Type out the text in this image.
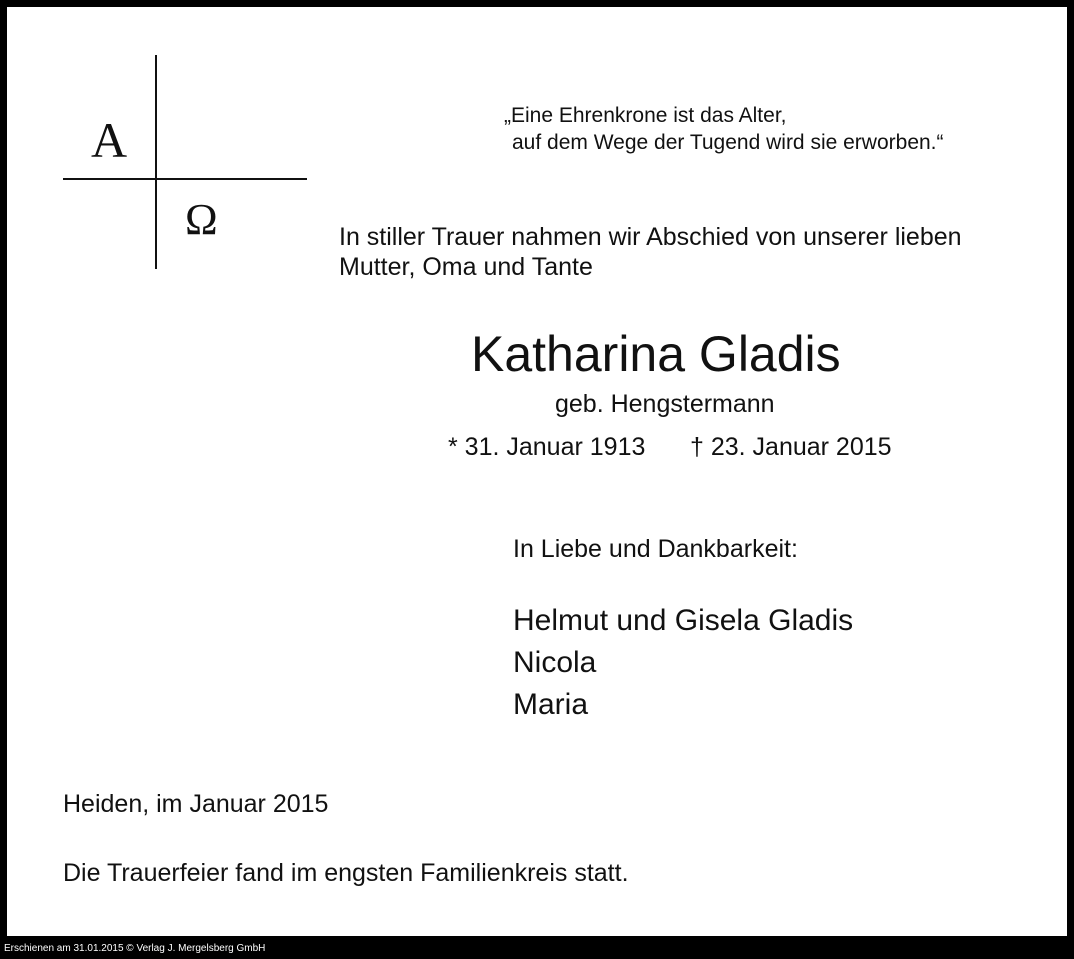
A
Ω
„Eine Ehrenkrone ist das Alter,
auf dem Wege der Tugend wird sie erworben.“
In stiller Trauer nahmen wir Abschied von unserer lieben
Mutter, Oma und Tante
Katharina Gladis
geb. Hengstermann
* 31. Januar 1913 † 23. Januar 2015
In Liebe und Dankbarkeit:
Helmut und Gisela Gladis
Nicola
Maria
Heiden, im Januar 2015
Die Trauerfeier fand im engsten Familienkreis statt.
Erschienen am 31.01.2015 © Verlag J. Mergelsberg GmbH
